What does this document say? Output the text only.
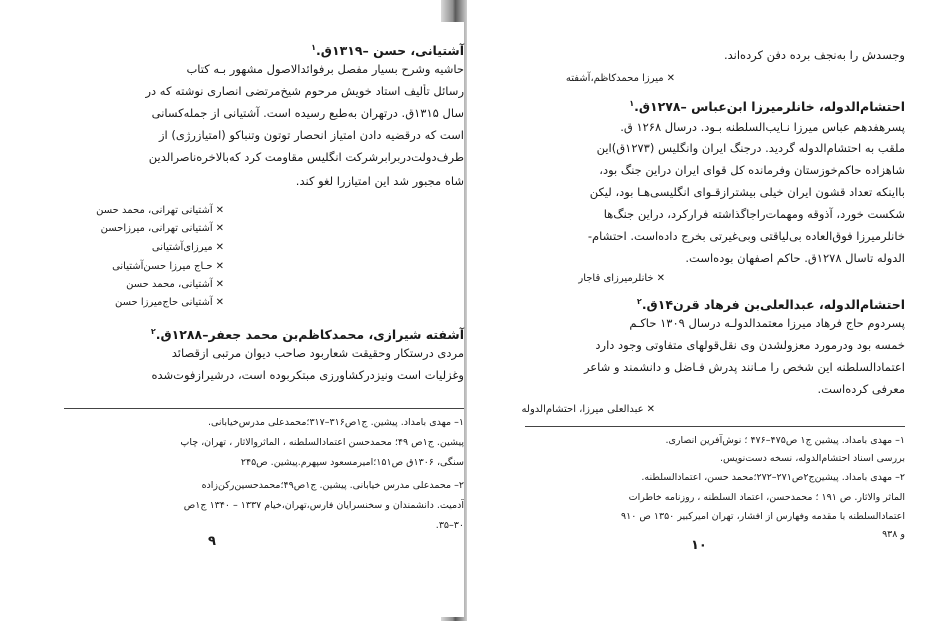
آشتیانی، حسن –۱۳۱۹ق.$^۱$
حاشیه وشرح بسیار مفصل برفوائدالاصول مشهور بـه کتاب
رسائل تألیف استاد خویش مرحوم شیخ‌مرتضی انصاری نوشته که در
سال ۱۳۱۵ق. درتهران به‌طبع رسیده است. آشتیانی از جمله‌کسانی
است که درقضیه دادن امتیاز انحصار توتون وتنباکو (امتیازرژی) از
طرف‌دولت‌دربرابرشرکت انگلیس مقاومت کرد که‌بالاخره‌ناصرالدین
شاه مجبور شد این امتیازرا لغو کند.
✕آشتیانی تهرانی، محمد حسن
✕آشتیانی تهرانی، میرزاحسن
✕میرزای‌آشتیانی
✕حـاج میرزا حسن‌آشتیانی
✕آشتیانی، محمد حسن
✕آشتیانی حاج‌میرزا حسن
آشفته شیرازی، محمدکاظم‌بن محمد جعفر–۱۲۸۸ق.$^۲$
مردی درستکار وحقیقت شعاربود صاحب دیوان مرتبی ازقصائد
وغزلیات است ونیزدرکشاورزی مبتکربوده است، درشیرازفوت‌شده
۱– مهدی بامداد. پیشین. ج۱ص۳۱۶–۳۱۷؛محمدعلی مدرس‌خیابانی.
پیشین. ج۱ص ۴۹؛ محمدحسن اعتمادالسلطنه ، الماثروالاثار ، تهران، چاپ
سنگی، ۱۳۰۶ق ص۱۵۱؛امیرمسعود سپهرم.پیشین. ص۲۴۵
۲– محمدعلی مدرس خیابانی. پیشین. ج۱ص۴۹؛محمدحسین‌رکن‌زاده
آدمیت. دانشمندان و سخنسرایان فارس،تهران،خیام ۱۳۳۷ – ۱۳۴۰ ج۱ص
۳۰–۳۵.
۹
وجسدش را به‌نجف برده دفن کرده‌اند.
✕میرزا محمدکاظم،آشفته
احتشام‌الدوله، خانلرمیرزا ابن‌عباس –۱۲۷۸ق.$^۱$
پسرهفدهم عباس میرزا نـایب‌السلطنه بـود. درسال ۱۲۶۸ ق.
ملقب به احتشام‌الدوله گردید. درجنگ ایران وانگلیس (۱۲۷۳ق)این
شاهزاده حاکم‌خوزستان وفرمانده کل قوای ایران دراین جنگ بود،
بااینکه تعداد قشون ایران خیلی بیشترازقـوای انگلیسی‌هـا بود، لیکن
شکست خورد، آذوقه ومهمات‌راجاگذاشته فرارکرد، دراین جنگ‌ها
خانلرمیرزا فوق‌العاده بی‌لیاقتی وبی‌غیرتی بخرج داده‌است. احتشام-
الدوله تاسال ۱۲۷۸ق. حاکم اصفهان بوده‌است.
✕خانلرمیرزای قاجار
احتشام‌الدوله، عبدالعلی‌بن فرهاد قرن۱۴ق.$^۲$
پسردوم حاج فرهاد میرزا معتمدالدولـه درسال ۱۳۰۹ حاکـم
خمسه بود ودرمورد معزولشدن وی نقل‌قولهای متفاوتی وجود دارد
اعتمادالسلطنه این شخص را مـانند پدرش فـاضل و دانشمند و شاعر
معرفی کرده‌است.
✕عبدالعلی میرزا، احتشام‌الدوله
۱– مهدی بامداد. پیشین ج۱ ص۴۷۵–۴۷۶ ؛ نوش‌آفرین انصاری.
بررسی اسناد احتشام‌الدوله، نسخه دست‌نویس.
۲– مهدی بامداد. پیشین‌ج۲ص۲۷۱–۲۷۲؛محمد حسن، اعتمادالسلطنه.
الماثر والاثار. ص ۱۹۱ ؛ محمدحسن، اعتماد السلطنه ، روزنامه خاطرات
اعتمادالسلطنه با مقدمه وفهارس از افشار، تهران امیرکبیر ۱۳۵۰ ص ۹۱۰
و ۹۳۸
۱۰
